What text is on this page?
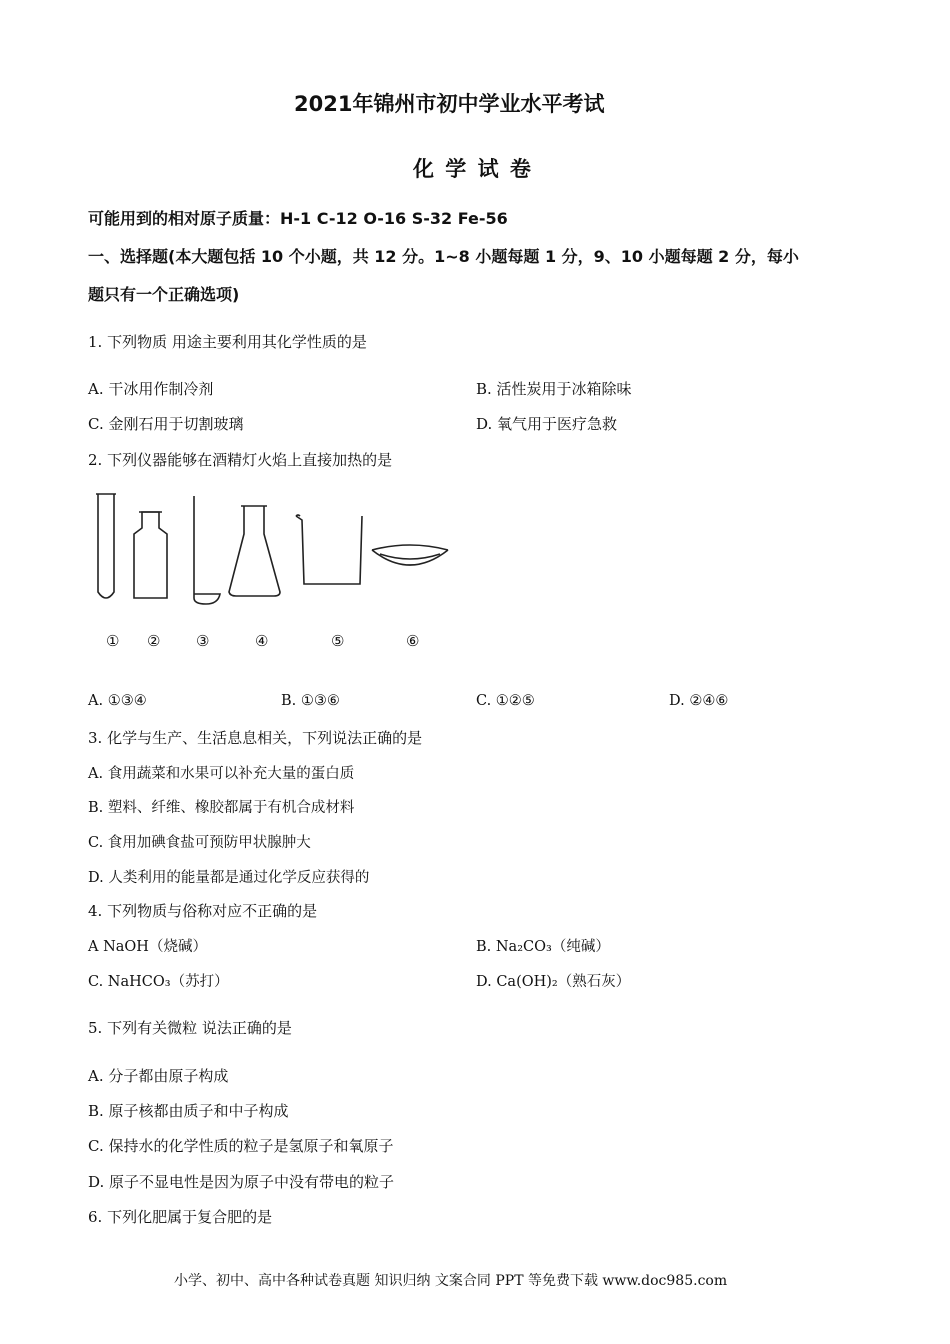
2021年锦州市初中学业水平考试
化 学 试 卷
可能用到的相对原子质量：H-1 C-12 O-16 S-32 Fe-56
一、选择题(本大题包括 10 个小题，共 12 分。1~8 小题每题 1 分，9、10 小题每题 2 分，每小
题只有一个正确选项)
1. 下列物质 用途主要利用其化学性质的是
A. 干冰用作制冷剂	B. 活性炭用于冰箱除味
C. 金刚石用于切割玻璃	D. 氧气用于医疗急救
2. 下列仪器能够在酒精灯火焰上直接加热的是
① ② ③	④	⑤	⑥
A. ①③④	B. ①③⑥	C. ①②⑤	D. ②④⑥
3. 化学与生产、生活息息相关，下列说法正确的是
A. 食用蔬菜和水果可以补充大量的蛋白质
B. 塑料、纤维、橡胶都属于有机合成材料
C. 食用加碘食盐可预防甲状腺肿大
D. 人类利用的能量都是通过化学反应获得的
4. 下列物质与俗称对应不正确的是
A NaOH（烧碱）	B. Na₂CO₃（纯碱）
C. NaHCO₃（苏打）	D. Ca(OH)₂（熟石灰）
5. 下列有关微粒 说法正确的是
A. 分子都由原子构成
B. 原子核都由质子和中子构成
C. 保持水的化学性质的粒子是氢原子和氧原子
D. 原子不显电性是因为原子中没有带电的粒子
6. 下列化肥属于复合肥的是
小学、初中、高中各种试卷真题 知识归纳 文案合同 PPT 等免费下载 www.doc985.com
